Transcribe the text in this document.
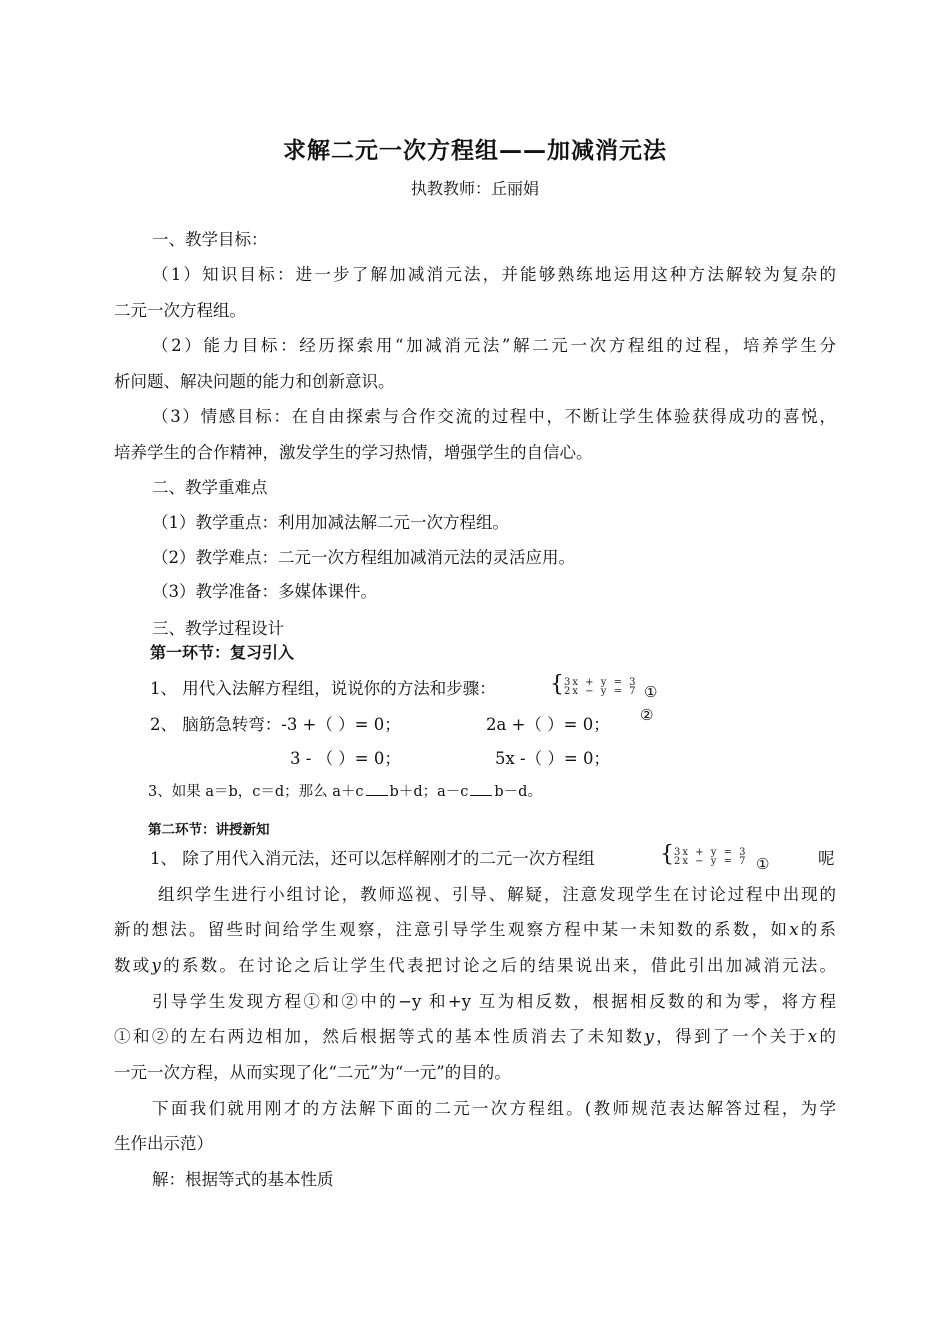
求解二元一次方程组——加减消元法
执教教师：丘丽娟
一、教学目标：
（1）知识目标：进一步了解加减消元法，并能够熟练地运用这种方法解较为复杂的
二元一次方程组。
（2）能力目标：经历探索用“加减消元法”解二元一次方程组的过程，培养学生分
析问题、解决问题的能力和创新意识。
（3）情感目标：在自由探索与合作交流的过程中，不断让学生体验获得成功的喜悦，
培养学生的合作精神，激发学生的学习热情，增强学生的自信心。
二、教学重难点
（1）教学重点：利用加减法解二元一次方程组。
（2）教学难点：二元一次方程组加减消元法的灵活应用。
（3）教学准备：多媒体课件。
三、教学过程设计
第一环节：复习引入
1、 用代入法解方程组，说说你的方法和步骤： { 3x + y = 3
2x − y = 7 ①
②
2、 脑筋急转弯：-3 +（ ）= 0；	2a +（ ）= 0；
3 - （ ）= 0；	5x -（ ）= 0；
3、如果 a＝b，c＝d；那么 a＋c b＋d；a－c b－d。
第二环节：讲授新知
1、 除了用代入消元法，还可以怎样解刚才的二元一次方程组	{ 3x + y = 3
2x − y = 7 ①	呢
组织学生进行小组讨论，教师巡视、引导、解疑，注意发现学生在讨论过程中出现的
新的想法。留些时间给学生观察，注意引导学生观察方程中某一未知数的系数，如x的系
数或y的系数。在讨论之后让学生代表把讨论之后的结果说出来，借此引出加减消元法。
引导学生发现方程①和②中的−y 和+y 互为相反数，根据相反数的和为零，将方程
①和②的左右两边相加，然后根据等式的基本性质消去了未知数y，得到了一个关于x的
一元一次方程，从而实现了化“二元”为“一元”的目的。
下面我们就用刚才的方法解下面的二元一次方程组。(教师规范表达解答过程，为学
生作出示范）
解：根据等式的基本性质
